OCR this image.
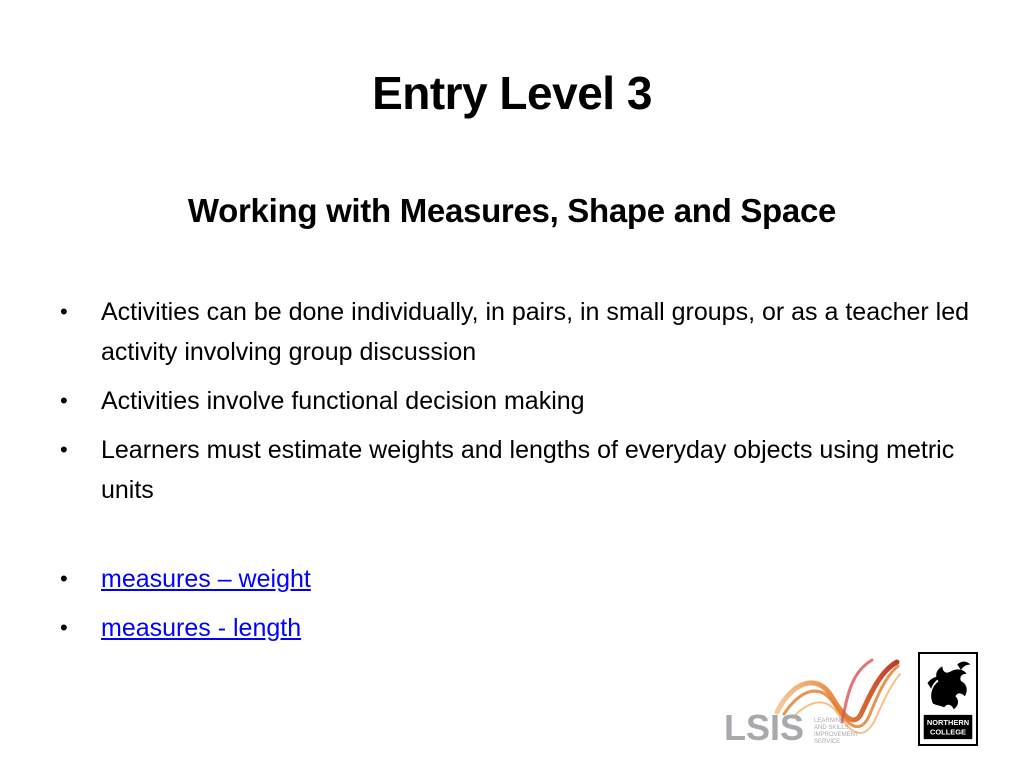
Entry Level 3
Working with Measures, Shape and Space
• Activities can be done individually, in pairs, in small groups, or as a teacher led activity involving group discussion
• Activities involve functional decision making
• Learners must estimate weights and lengths of everyday objects using metric units
• measures – weight
• measures - length
LSIS LEARNING
AND SKILLS
IMPROVEMENT
SERVICE
NORTHERN
COLLEGE
